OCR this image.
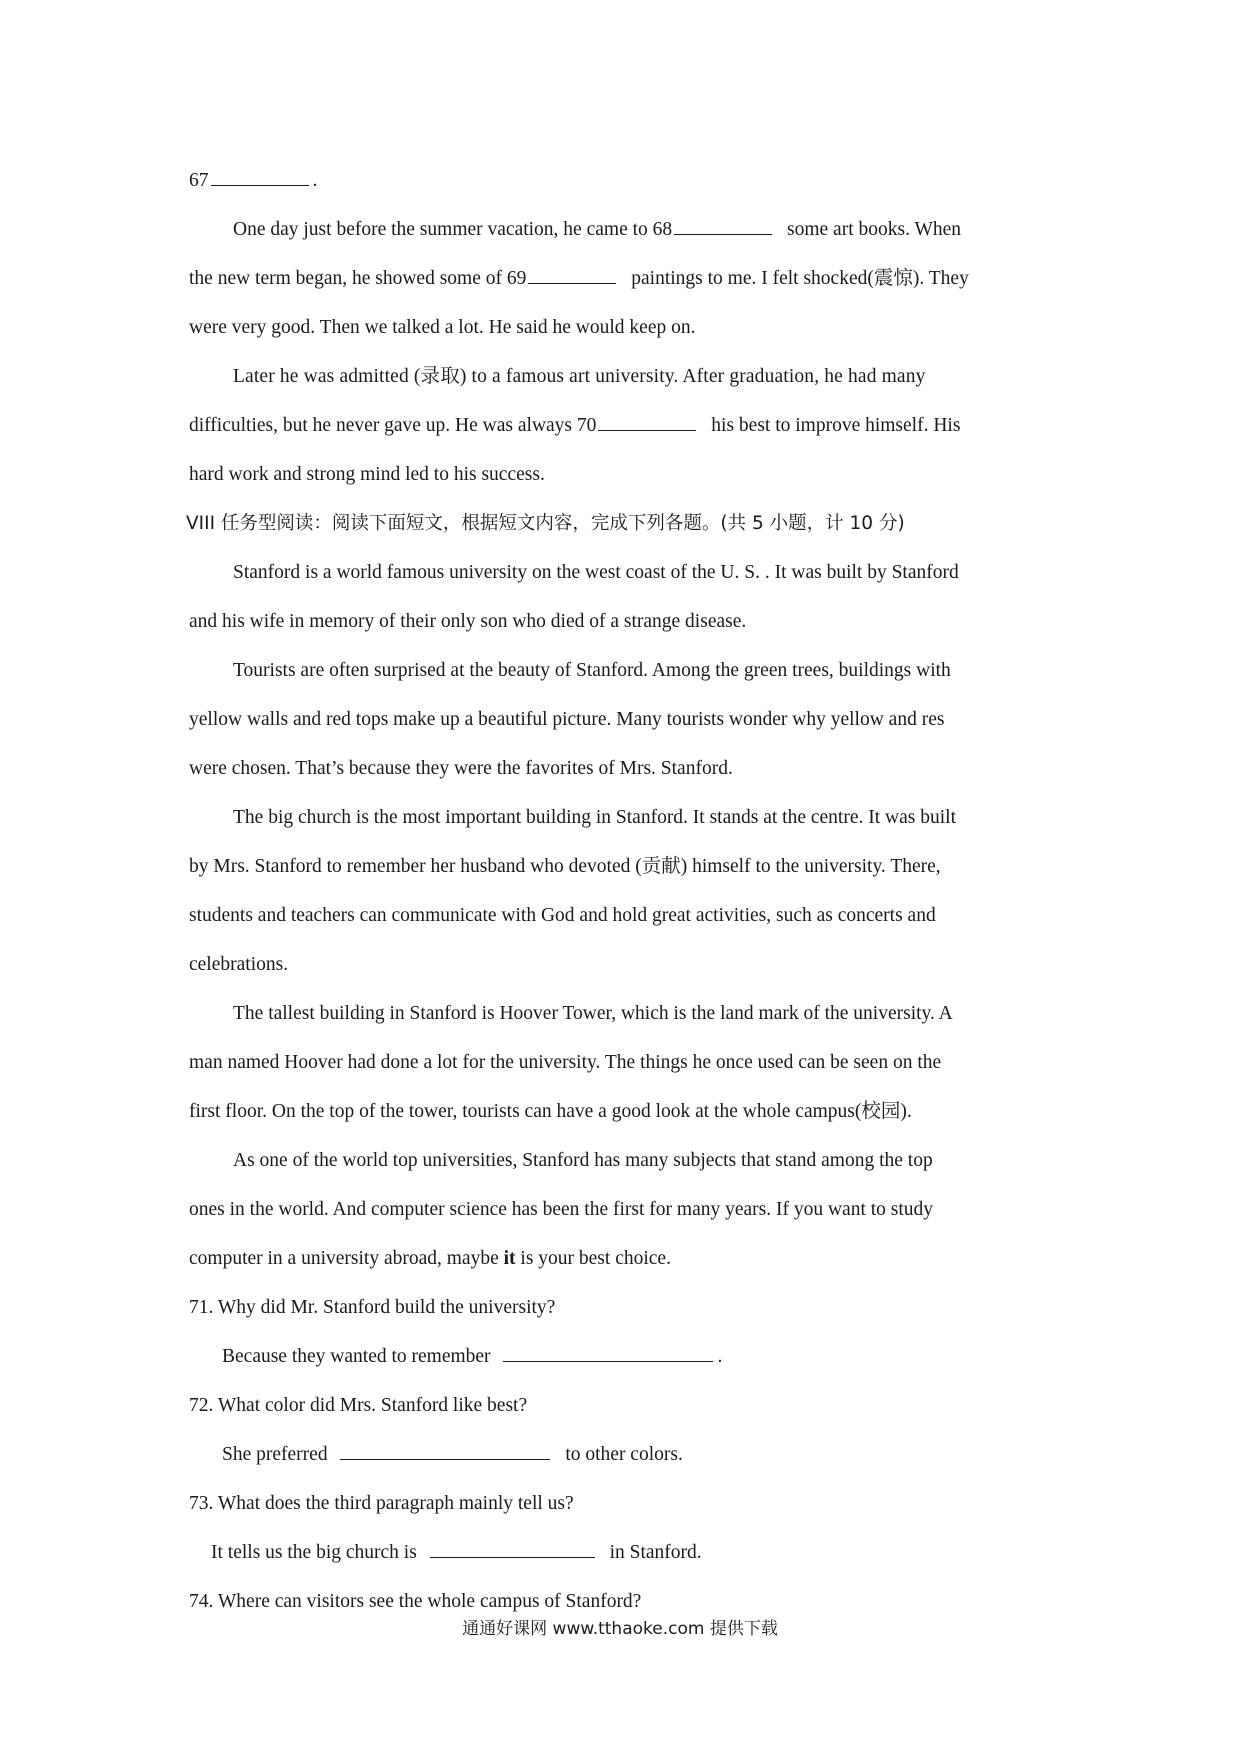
67	.
One day just before the summer vacation, he came to 68	some art books. When
the new term began, he showed some of 69	paintings to me. I felt shocked(震惊). They
were very good. Then we talked a lot. He said he would keep on.
Later he was admitted (录取) to a famous art university. After graduation, he had many
difficulties, but he never gave up. He was always 70	his best to improve himself. His
hard work and strong mind led to his success.
VIII 任务型阅读：阅读下面短文，根据短文内容，完成下列各题。(共 5 小题，计 10 分)
Stanford is a world famous university on the west coast of the U. S. . It was built by Stanford
and his wife in memory of their only son who died of a strange disease.
Tourists are often surprised at the beauty of Stanford. Among the green trees, buildings with
yellow walls and red tops make up a beautiful picture. Many tourists wonder why yellow and res
were chosen. That’s because they were the favorites of Mrs. Stanford.
The big church is the most important building in Stanford. It stands at the centre. It was built
by Mrs. Stanford to remember her husband who devoted (贡献) himself to the university. There,
students and teachers can communicate with God and hold great activities, such as concerts and
celebrations.
The tallest building in Stanford is Hoover Tower, which is the land mark of the university. A
man named Hoover had done a lot for the university. The things he once used can be seen on the
first floor. On the top of the tower, tourists can have a good look at the whole campus(校园).
As one of the world top universities, Stanford has many subjects that stand among the top
ones in the world. And computer science has been the first for many years. If you want to study
computer in a university abroad, maybe it is your best choice.
71. Why did Mr. Stanford build the university?
Because they wanted to remember	.
72. What color did Mrs. Stanford like best?
She preferred	to other colors.
73. What does the third paragraph mainly tell us?
It tells us the big church is	in Stanford.
74. Where can visitors see the whole campus of Stanford?
通通好课网 www.tthaoke.com 提供下载
